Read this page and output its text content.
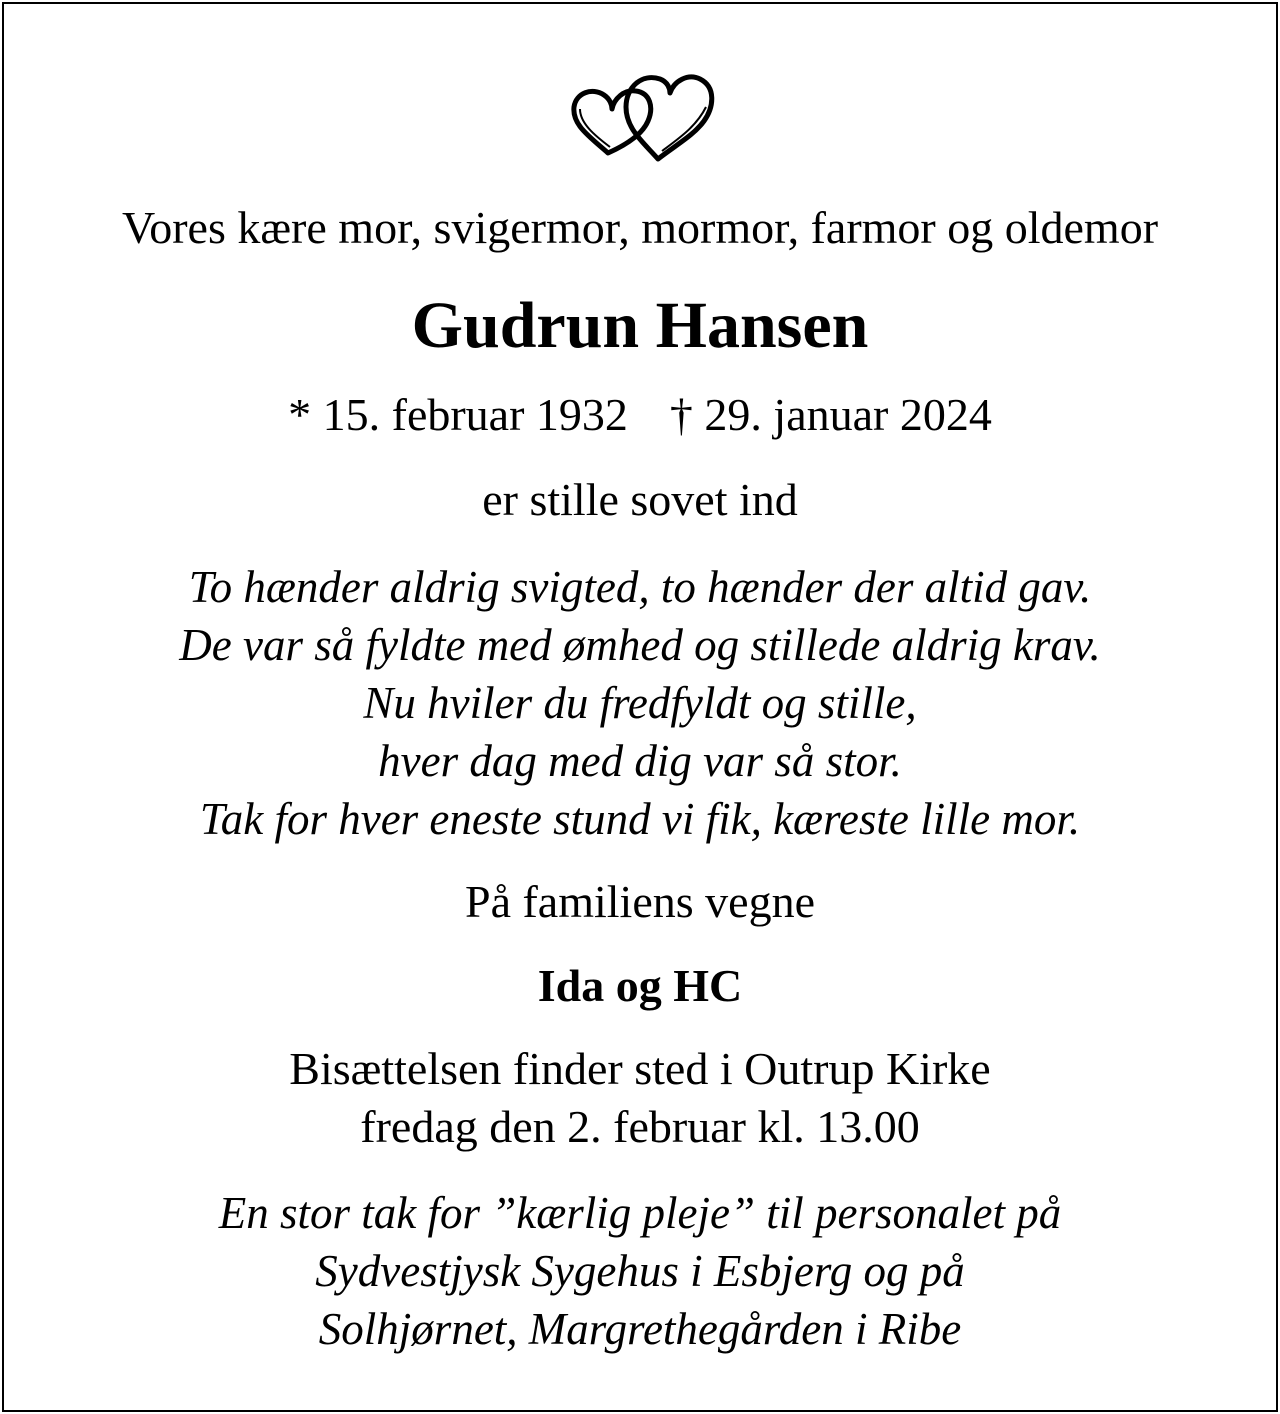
Vores kære mor, svigermor, mormor, farmor og oldemor
Gudrun Hansen
* 15. februar 1932 † 29. januar 2024
er stille sovet ind
To hænder aldrig svigted, to hænder der altid gav.
De var så fyldte med ømhed og stillede aldrig krav.
Nu hviler du fredfyldt og stille,
hver dag med dig var så stor.
Tak for hver eneste stund vi fik, kæreste lille mor.
På familiens vegne
Ida og HC
Bisættelsen finder sted i Outrup Kirke
fredag den 2. februar kl. 13.00
En stor tak for ”kærlig pleje” til personalet på
Sydvestjysk Sygehus i Esbjerg og på
Solhjørnet, Margrethegården i Ribe
